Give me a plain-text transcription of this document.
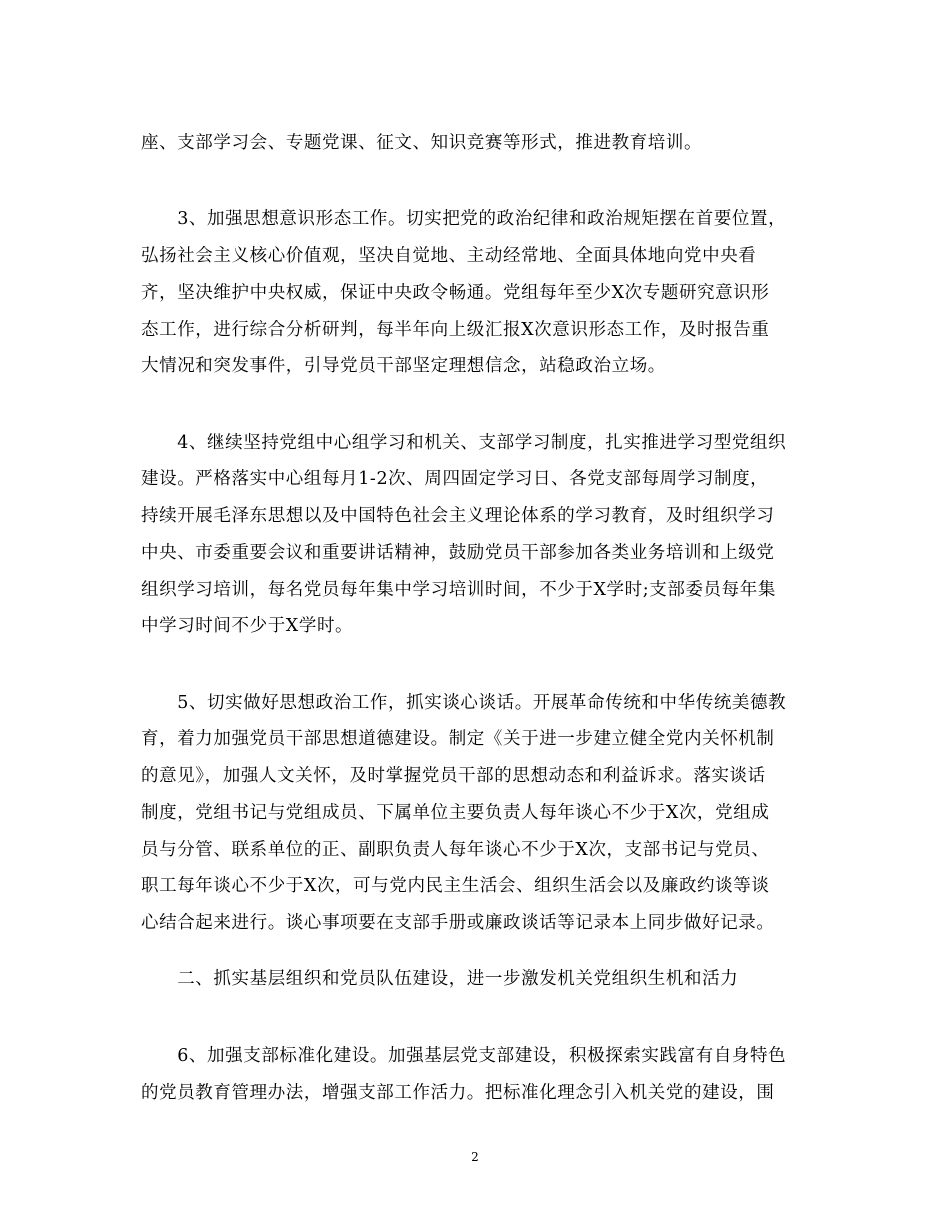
座、支部学习会、专题党课、征文、知识竞赛等形式，推进教育培训。
　　3、加强思想意识形态工作。切实把党的政治纪律和政治规矩摆在首要位置，
弘扬社会主义核心价值观，坚决自觉地、主动经常地、全面具体地向党中央看
齐，坚决维护中央权威，保证中央政令畅通。党组每年至少Ⅹ次专题研究意识形
态工作，进行综合分析研判，每半年向上级汇报Ⅹ次意识形态工作，及时报告重
大情况和突发事件，引导党员干部坚定理想信念，站稳政治立场。
　　4、继续坚持党组中心组学习和机关、支部学习制度，扎实推进学习型党组织
建设。严格落实中心组每月1-2次、周四固定学习日、各党支部每周学习制度，
持续开展毛泽东思想以及中国特色社会主义理论体系的学习教育，及时组织学习
中央、市委重要会议和重要讲话精神，鼓励党员干部参加各类业务培训和上级党
组织学习培训，每名党员每年集中学习培训时间，不少于Ⅹ学时;支部委员每年集
中学习时间不少于Ⅹ学时。
　　5、切实做好思想政治工作，抓实谈心谈话。开展革命传统和中华传统美德教
育，着力加强党员干部思想道德建设。制定《关于进一步建立健全党内关怀机制
的意见》，加强人文关怀，及时掌握党员干部的思想动态和利益诉求。落实谈话
制度，党组书记与党组成员、下属单位主要负责人每年谈心不少于Ⅹ次，党组成
员与分管、联系单位的正、副职负责人每年谈心不少于Ⅹ次，支部书记与党员、
职工每年谈心不少于Ⅹ次，可与党内民主生活会、组织生活会以及廉政约谈等谈
心结合起来进行。谈心事项要在支部手册或廉政谈话等记录本上同步做好记录。
　　二、抓实基层组织和党员队伍建设，进一步激发机关党组织生机和活力
　　6、加强支部标准化建设。加强基层党支部建设，积极探索实践富有自身特色
的党员教育管理办法，增强支部工作活力。把标准化理念引入机关党的建设，围
2
